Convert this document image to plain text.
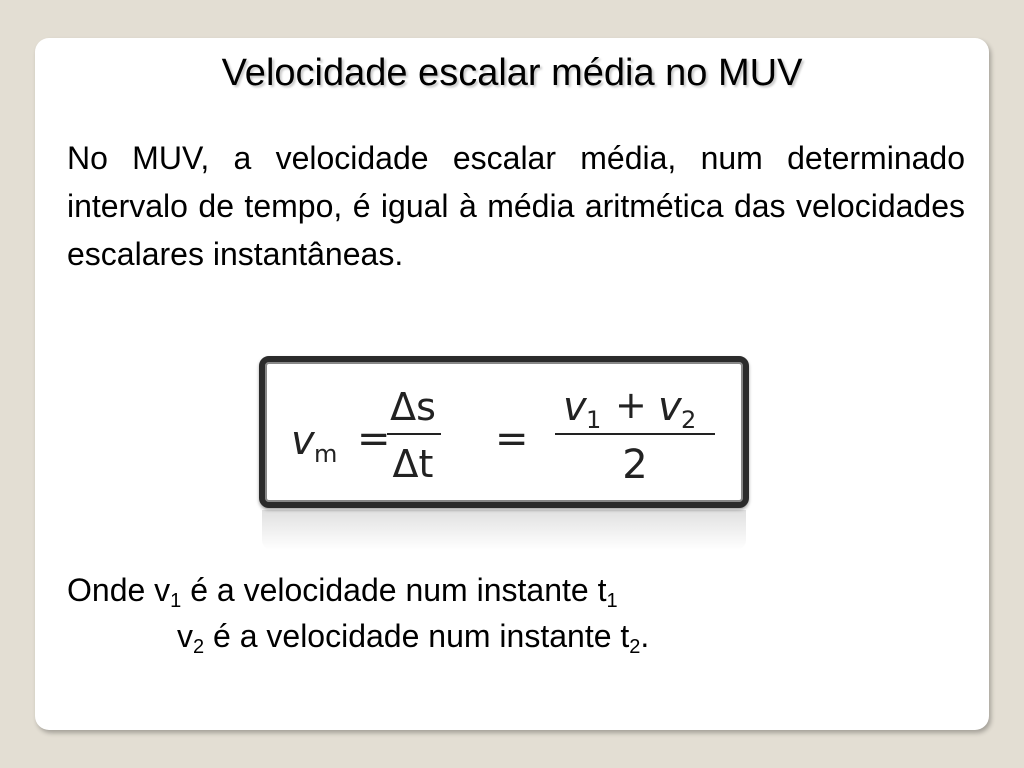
Velocidade escalar média no MUV
No MUV, a velocidade escalar média, num determinado intervalo de tempo, é igual à média aritmética das velocidades escalares instantâneas.
v m =
Δs
Δt
=
v 1 + v 2
2
Onde $v_1$ é a velocidade num instante $t_1$
$v_2$ é a velocidade num instante $t_2$.
